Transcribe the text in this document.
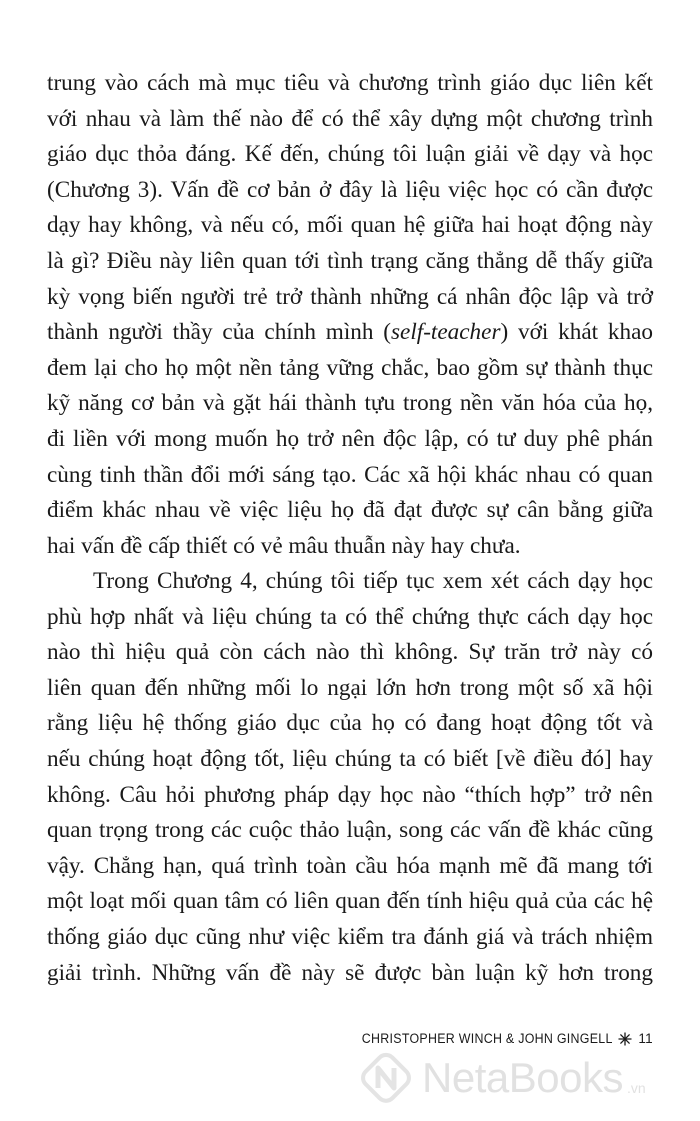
trung vào cách mà mục tiêu và chương trình giáo dục liên kết
với nhau và làm thế nào để có thể xây dựng một chương trình
giáo dục thỏa đáng. Kế đến, chúng tôi luận giải về dạy và học
(Chương 3). Vấn đề cơ bản ở đây là liệu việc học có cần được
dạy hay không, và nếu có, mối quan hệ giữa hai hoạt động này
là gì? Điều này liên quan tới tình trạng căng thẳng dễ thấy giữa
kỳ vọng biến người trẻ trở thành những cá nhân độc lập và trở
thành người thầy của chính mình (self-teacher) với khát khao
đem lại cho họ một nền tảng vững chắc, bao gồm sự thành thục
kỹ năng cơ bản và gặt hái thành tựu trong nền văn hóa của họ,
đi liền với mong muốn họ trở nên độc lập, có tư duy phê phán
cùng tinh thần đổi mới sáng tạo. Các xã hội khác nhau có quan
điểm khác nhau về việc liệu họ đã đạt được sự cân bằng giữa
hai vấn đề cấp thiết có vẻ mâu thuẫn này hay chưa.
Trong Chương 4, chúng tôi tiếp tục xem xét cách dạy học
phù hợp nhất và liệu chúng ta có thể chứng thực cách dạy học
nào thì hiệu quả còn cách nào thì không. Sự trăn trở này có
liên quan đến những mối lo ngại lớn hơn trong một số xã hội
rằng liệu hệ thống giáo dục của họ có đang hoạt động tốt và
nếu chúng hoạt động tốt, liệu chúng ta có biết [về điều đó] hay
không. Câu hỏi phương pháp dạy học nào “thích hợp” trở nên
quan trọng trong các cuộc thảo luận, song các vấn đề khác cũng
vậy. Chẳng hạn, quá trình toàn cầu hóa mạnh mẽ đã mang tới
một loạt mối quan tâm có liên quan đến tính hiệu quả của các hệ
thống giáo dục cũng như việc kiểm tra đánh giá và trách nhiệm
giải trình. Những vấn đề này sẽ được bàn luận kỹ hơn trong
CHRISTOPHER WINCH & JOHN GINGELL 11
NetaBooks .vn
